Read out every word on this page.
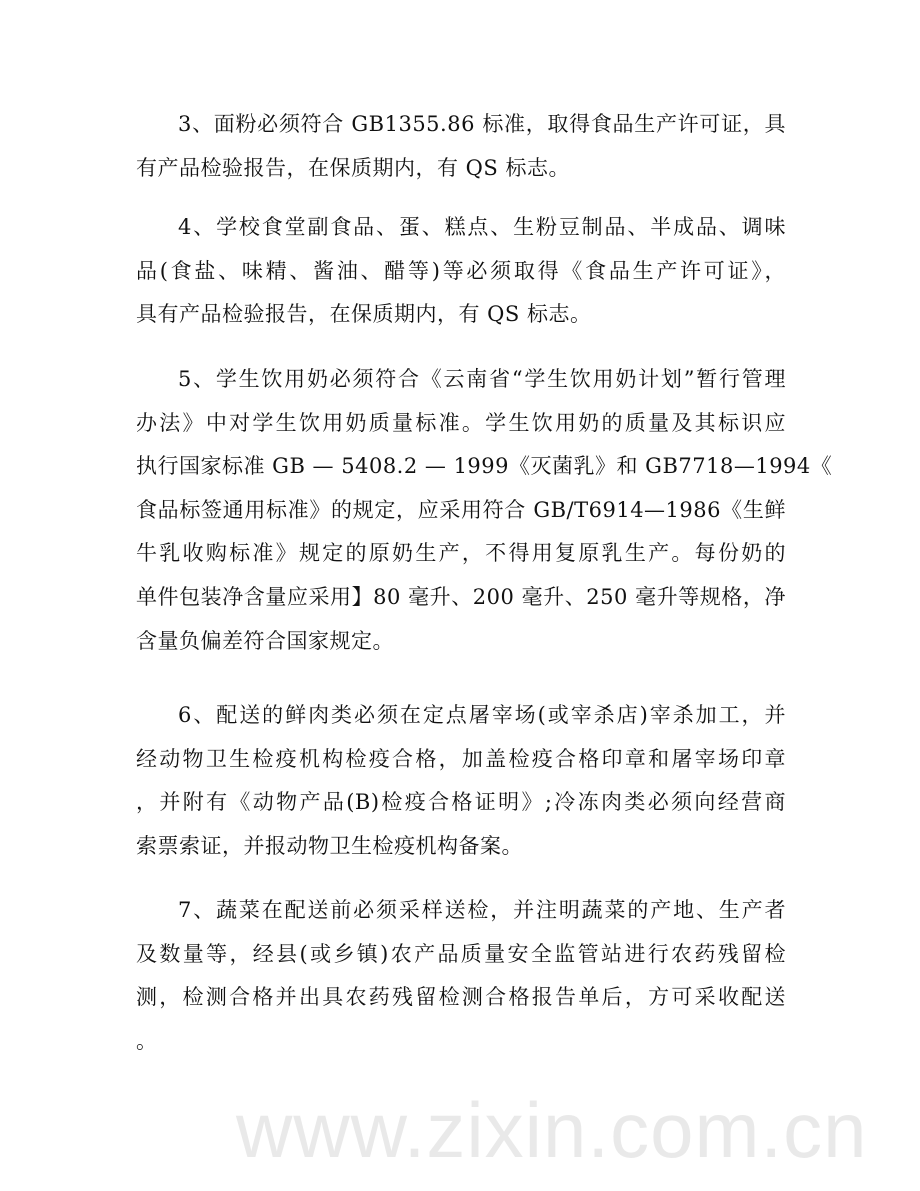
www.zixin.com.cn
3、面粉必须符合 GB1355.86 标准，取得食品生产许可证，具
有产品检验报告，在保质期内，有 QS 标志。
4、学校食堂副食品、蛋、糕点、生粉豆制品、半成品、调味
品(食盐、味精、酱油、醋等)等必须取得《食品生产许可证》，
具有产品检验报告，在保质期内，有 QS 标志。
5、学生饮用奶必须符合《云南省“学生饮用奶计划”暂行管理
办法》中对学生饮用奶质量标准。学生饮用奶的质量及其标识应
执行国家标准 GB — 5408.2 — 1999《灭菌乳》和 GB7718—1994《
食品标签通用标准》的规定，应采用符合 GB/T6914—1986《生鲜
牛乳收购标准》规定的原奶生产，不得用复原乳生产。每份奶的
单件包装净含量应采用】80 毫升、200 毫升、250 毫升等规格，净
含量负偏差符合国家规定。
6、配送的鲜肉类必须在定点屠宰场(或宰杀店)宰杀加工，并
经动物卫生检疫机构检疫合格，加盖检疫合格印章和屠宰场印章
，并附有《动物产品(B)检疫合格证明》;冷冻肉类必须向经营商
索票索证，并报动物卫生检疫机构备案。
7、蔬菜在配送前必须采样送检，并注明蔬菜的产地、生产者
及数量等，经县(或乡镇)农产品质量安全监管站进行农药残留检
测，检测合格并出具农药残留检测合格报告单后，方可采收配送
。
